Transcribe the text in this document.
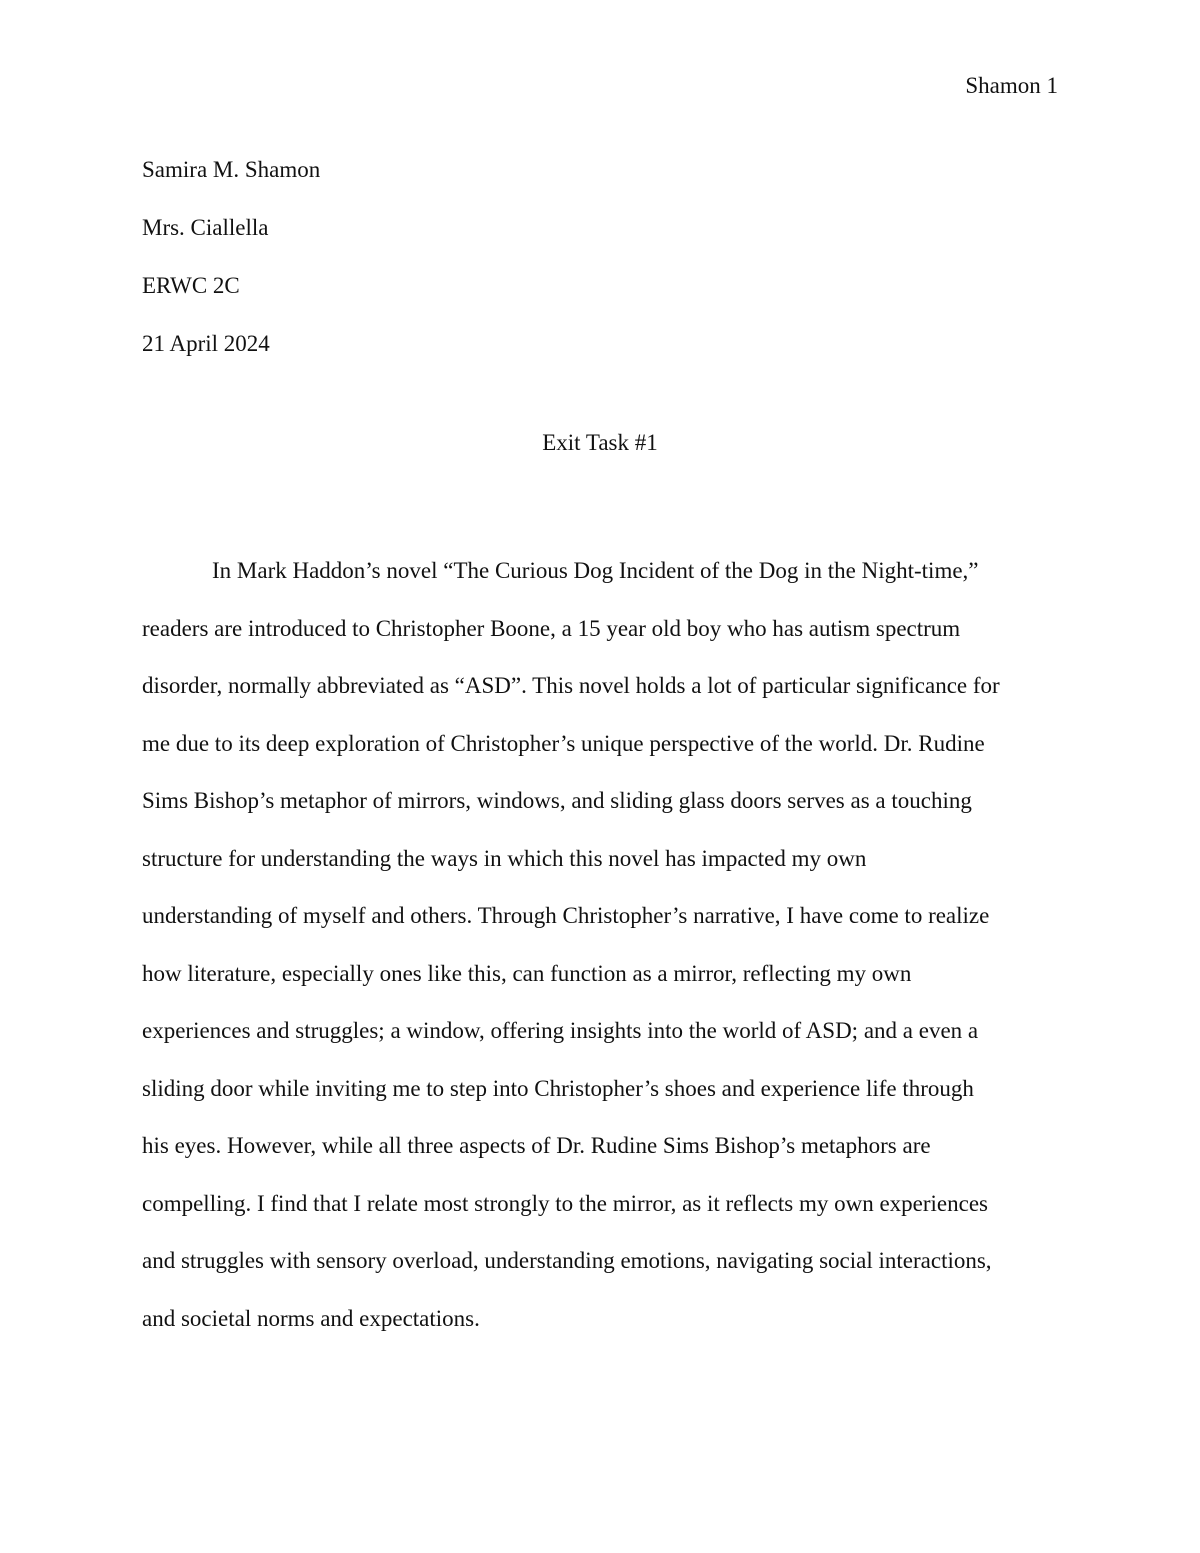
Shamon 1
Samira M. Shamon
Mrs. Ciallella
ERWC 2C
21 April 2024
Exit Task #1
In Mark Haddon’s novel “The Curious Dog Incident of the Dog in the Night-time,”
readers are introduced to Christopher Boone, a 15 year old boy who has autism spectrum
disorder, normally abbreviated as “ASD”. This novel holds a lot of particular significance for
me due to its deep exploration of Christopher’s unique perspective of the world. Dr. Rudine
Sims Bishop’s metaphor of mirrors, windows, and sliding glass doors serves as a touching
structure for understanding the ways in which this novel has impacted my own
understanding of myself and others. Through Christopher’s narrative, I have come to realize
how literature, especially ones like this, can function as a mirror, reflecting my own
experiences and struggles; a window, offering insights into the world of ASD; and a even a
sliding door while inviting me to step into Christopher’s shoes and experience life through
his eyes. However, while all three aspects of Dr. Rudine Sims Bishop’s metaphors are
compelling. I find that I relate most strongly to the mirror, as it reflects my own experiences
and struggles with sensory overload, understanding emotions, navigating social interactions,
and societal norms and expectations.
